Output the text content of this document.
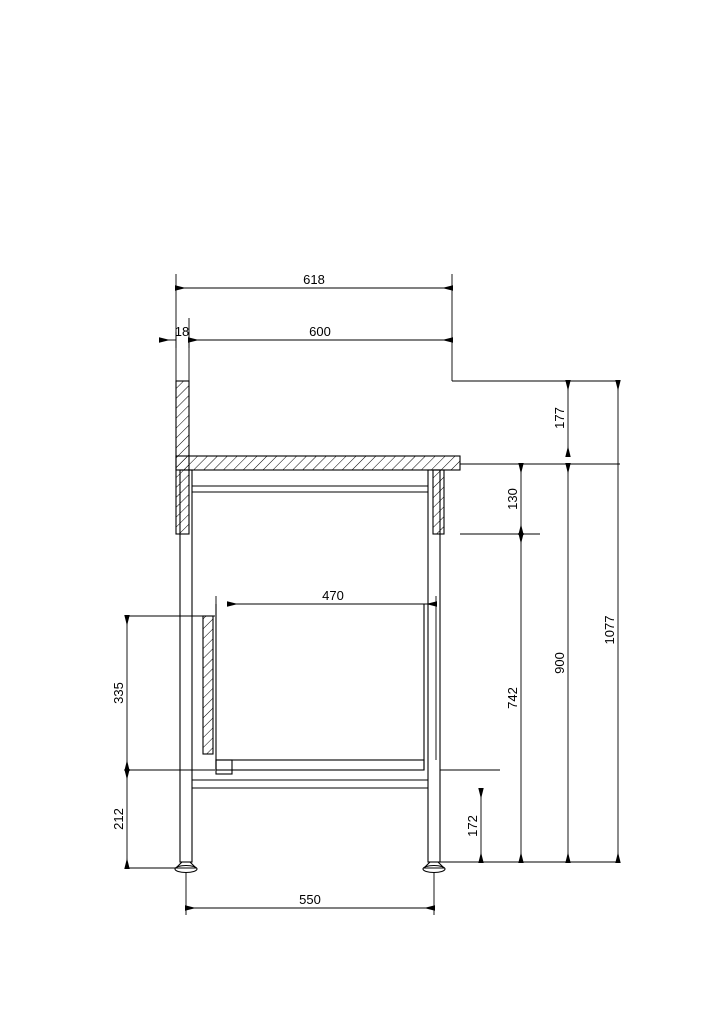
618
600
18
470
550
177
130
742
900
1077
172
335
212
